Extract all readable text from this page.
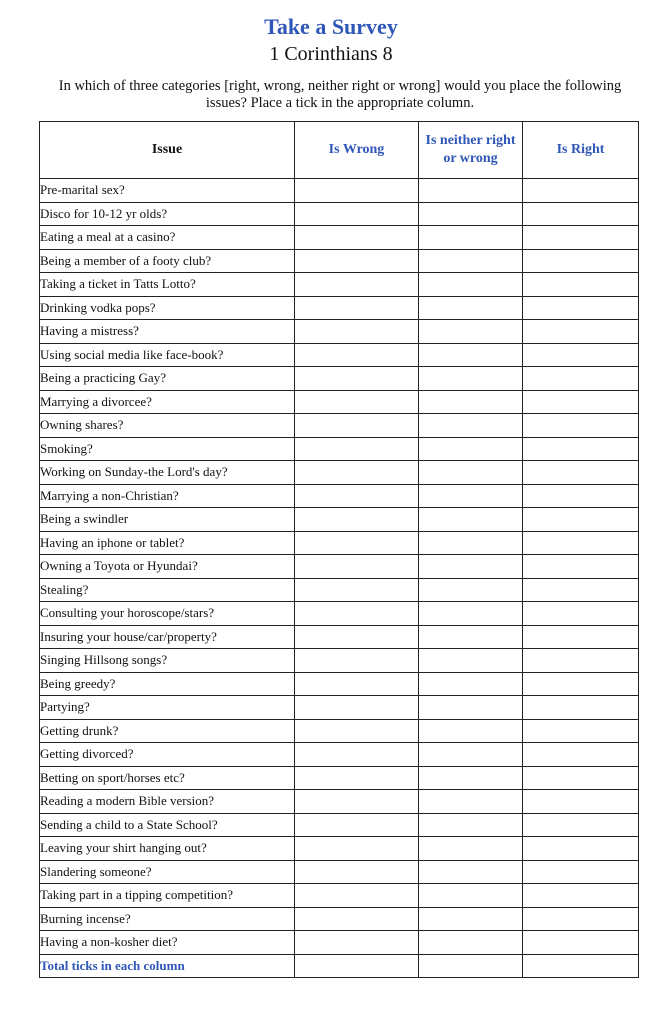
Take a Survey
1 Corinthians 8
In which of three categories [right, wrong, neither right or wrong] would you place the following issues? Place a tick in the appropriate column.
Issue	Is Wrong	Is neither right or wrong	Is Right
Pre-marital sex?			
Disco for 10-12 yr olds?			
Eating a meal at a casino?			
Being a member of a footy club?			
Taking a ticket in Tatts Lotto?			
Drinking vodka pops?			
Having a mistress?			
Using social media like face-book?			
Being a practicing Gay?			
Marrying a divorcee?			
Owning shares?			
Smoking?			
Working on Sunday-the Lord's day?			
Marrying a non-Christian?			
Being a swindler			
Having an iphone or tablet?			
Owning a Toyota or Hyundai?			
Stealing?			
Consulting your horoscope/stars?			
Insuring your house/car/property?			
Singing Hillsong songs?			
Being greedy?			
Partying?			
Getting drunk?			
Getting divorced?			
Betting on sport/horses etc?			
Reading a modern Bible version?			
Sending a child to a State School?			
Leaving your shirt hanging out?			
Slandering someone?			
Taking part in a tipping competition?			
Burning incense?			
Having a non-kosher diet?			
Total ticks in each column			
